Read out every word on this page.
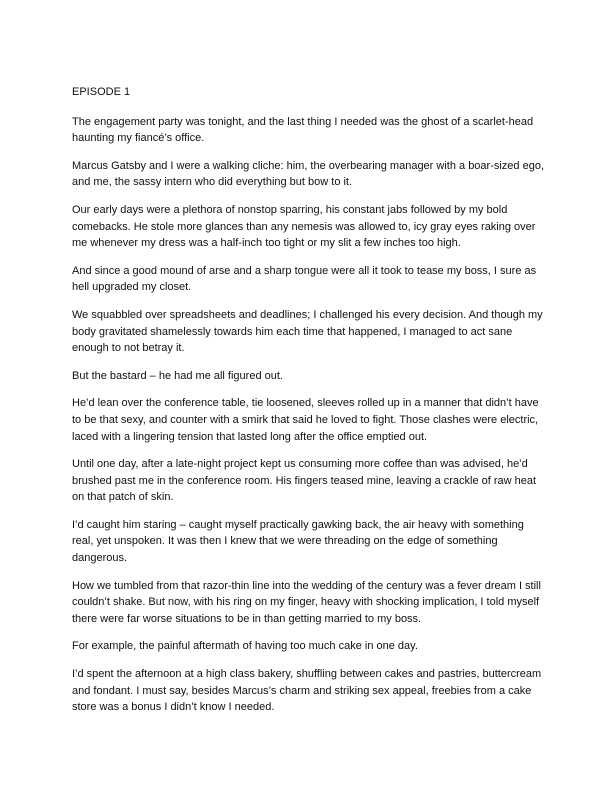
EPISODE 1

The engagement party was tonight, and the last thing I needed was the ghost of a scarlet-head haunting my fiancé’s office.

Marcus Gatsby and I were a walking cliche: him, the overbearing manager with a boar-sized ego, and me, the sassy intern who did everything but bow to it.

Our early days were a plethora of nonstop sparring, his constant jabs followed by my bold comebacks. He stole more glances than any nemesis was allowed to, icy gray eyes raking over me whenever my dress was a half-inch too tight or my slit a few inches too high.

And since a good mound of arse and a sharp tongue were all it took to tease my boss, I sure as hell upgraded my closet.

We squabbled over spreadsheets and deadlines; I challenged his every decision. And though my body gravitated shamelessly towards him each time that happened, I managed to act sane enough to not betray it.

But the bastard – he had me all figured out.

He’d lean over the conference table, tie loosened, sleeves rolled up in a manner that didn’t have to be that sexy, and counter with a smirk that said he loved to fight. Those clashes were electric, laced with a lingering tension that lasted long after the office emptied out.

Until one day, after a late-night project kept us consuming more coffee than was advised, he’d brushed past me in the conference room. His fingers teased mine, leaving a crackle of raw heat on that patch of skin.

I’d caught him staring – caught myself practically gawking back, the air heavy with something real, yet unspoken. It was then I knew that we were threading on the edge of something dangerous.

How we tumbled from that razor-thin line into the wedding of the century was a fever dream I still couldn’t shake. But now, with his ring on my finger, heavy with shocking implication, I told myself there were far worse situations to be in than getting married to my boss.

For example, the painful aftermath of having too much cake in one day.

I’d spent the afternoon at a high class bakery, shuffling between cakes and pastries, buttercream and fondant. I must say, besides Marcus’s charm and striking sex appeal, freebies from a cake store was a bonus I didn’t know I needed.
